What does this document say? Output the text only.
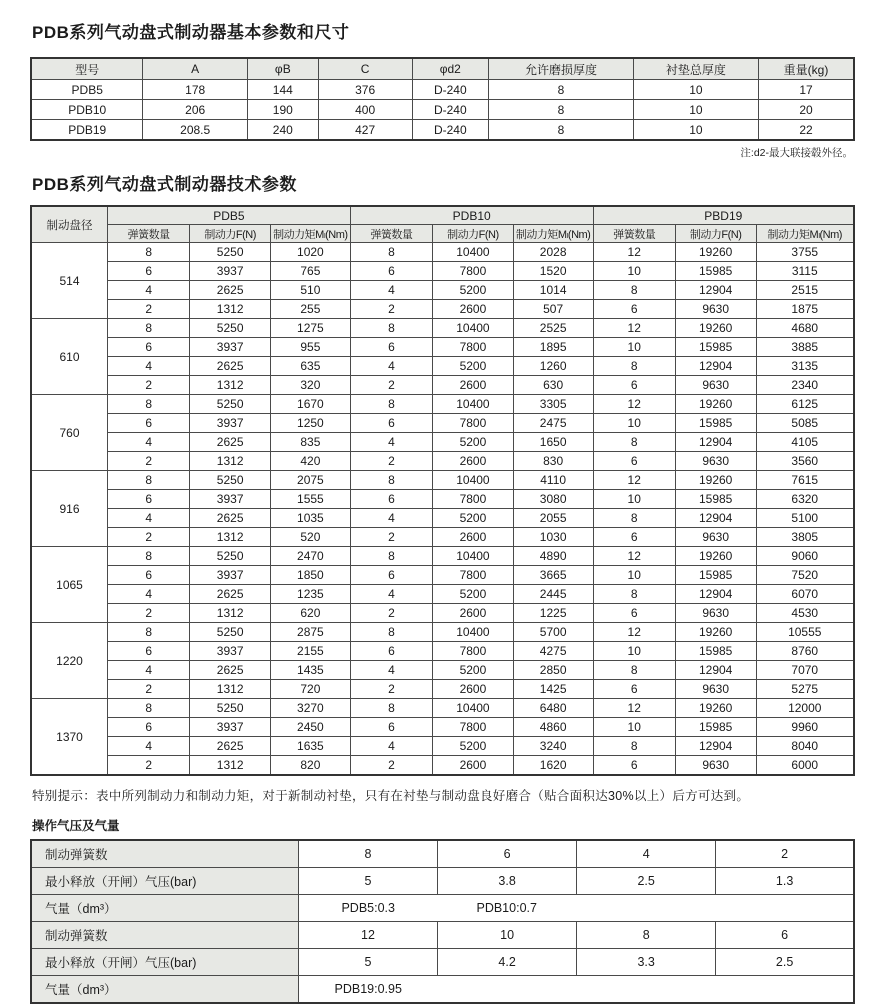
PDB系列气动盘式制动器基本参数和尺寸
型号	A	φB	C	φd2	允许磨损厚度	衬垫总厚度	重量(kg)
PDB5	178	144	376	D-240	8	10	17
PDB10	206	190	400	D-240	8	10	20
PDB19	208.5	240	427	D-240	8	10	22
注:d2-最大联接毂外径。
PDB系列气动盘式制动器技术参数
制动盘径	PDB5			PDB10			PBD19		
	弹簧数量	制动力F(N)	制动力矩Mₗ(Nm)	弹簧数量	制动力F(N)	制动力矩Mₗ(Nm)	弹簧数量	制动力F(N)	制动力矩Mₗ(Nm)
514	8	5250	1020	8	10400	2028	12	19260	3755
	6	3937	765	6	7800	1520	10	15985	3115
	4	2625	510	4	5200	1014	8	12904	2515
	2	1312	255	2	2600	507	6	9630	1875
610	8	5250	1275	8	10400	2525	12	19260	4680
	6	3937	955	6	7800	1895	10	15985	3885
	4	2625	635	4	5200	1260	8	12904	3135
	2	1312	320	2	2600	630	6	9630	2340
760	8	5250	1670	8	10400	3305	12	19260	6125
	6	3937	1250	6	7800	2475	10	15985	5085
	4	2625	835	4	5200	1650	8	12904	4105
	2	1312	420	2	2600	830	6	9630	3560
916	8	5250	2075	8	10400	4110	12	19260	7615
	6	3937	1555	6	7800	3080	10	15985	6320
	4	2625	1035	4	5200	2055	8	12904	5100
	2	1312	520	2	2600	1030	6	9630	3805
1065	8	5250	2470	8	10400	4890	12	19260	9060
	6	3937	1850	6	7800	3665	10	15985	7520
	4	2625	1235	4	5200	2445	8	12904	6070
	2	1312	620	2	2600	1225	6	9630	4530
1220	8	5250	2875	8	10400	5700	12	19260	10555
	6	3937	2155	6	7800	4275	10	15985	8760
	4	2625	1435	4	5200	2850	8	12904	7070
	2	1312	720	2	2600	1425	6	9630	5275
1370	8	5250	3270	8	10400	6480	12	19260	12000
	6	3937	2450	6	7800	4860	10	15985	9960
	4	2625	1635	4	5200	3240	8	12904	8040
	2	1312	820	2	2600	1620	6	9630	6000
特别提示：表中所列制动力和制动力矩，对于新制动衬垫，只有在衬垫与制动盘良好磨合（贴合面积达30%以上）后方可达到。
操作气压及气量
制动弹簧数	8	6	4	2
最小释放（开闸）气压(bar)	5	3.8	2.5	1.3
气量（dm³）	PDB5:0.3 PDB10:0.7			
制动弹簧数	12	10	8	6
最小释放（开闸）气压(bar)	5	4.2	3.3	2.5
气量（dm³）	PDB19:0.95			
